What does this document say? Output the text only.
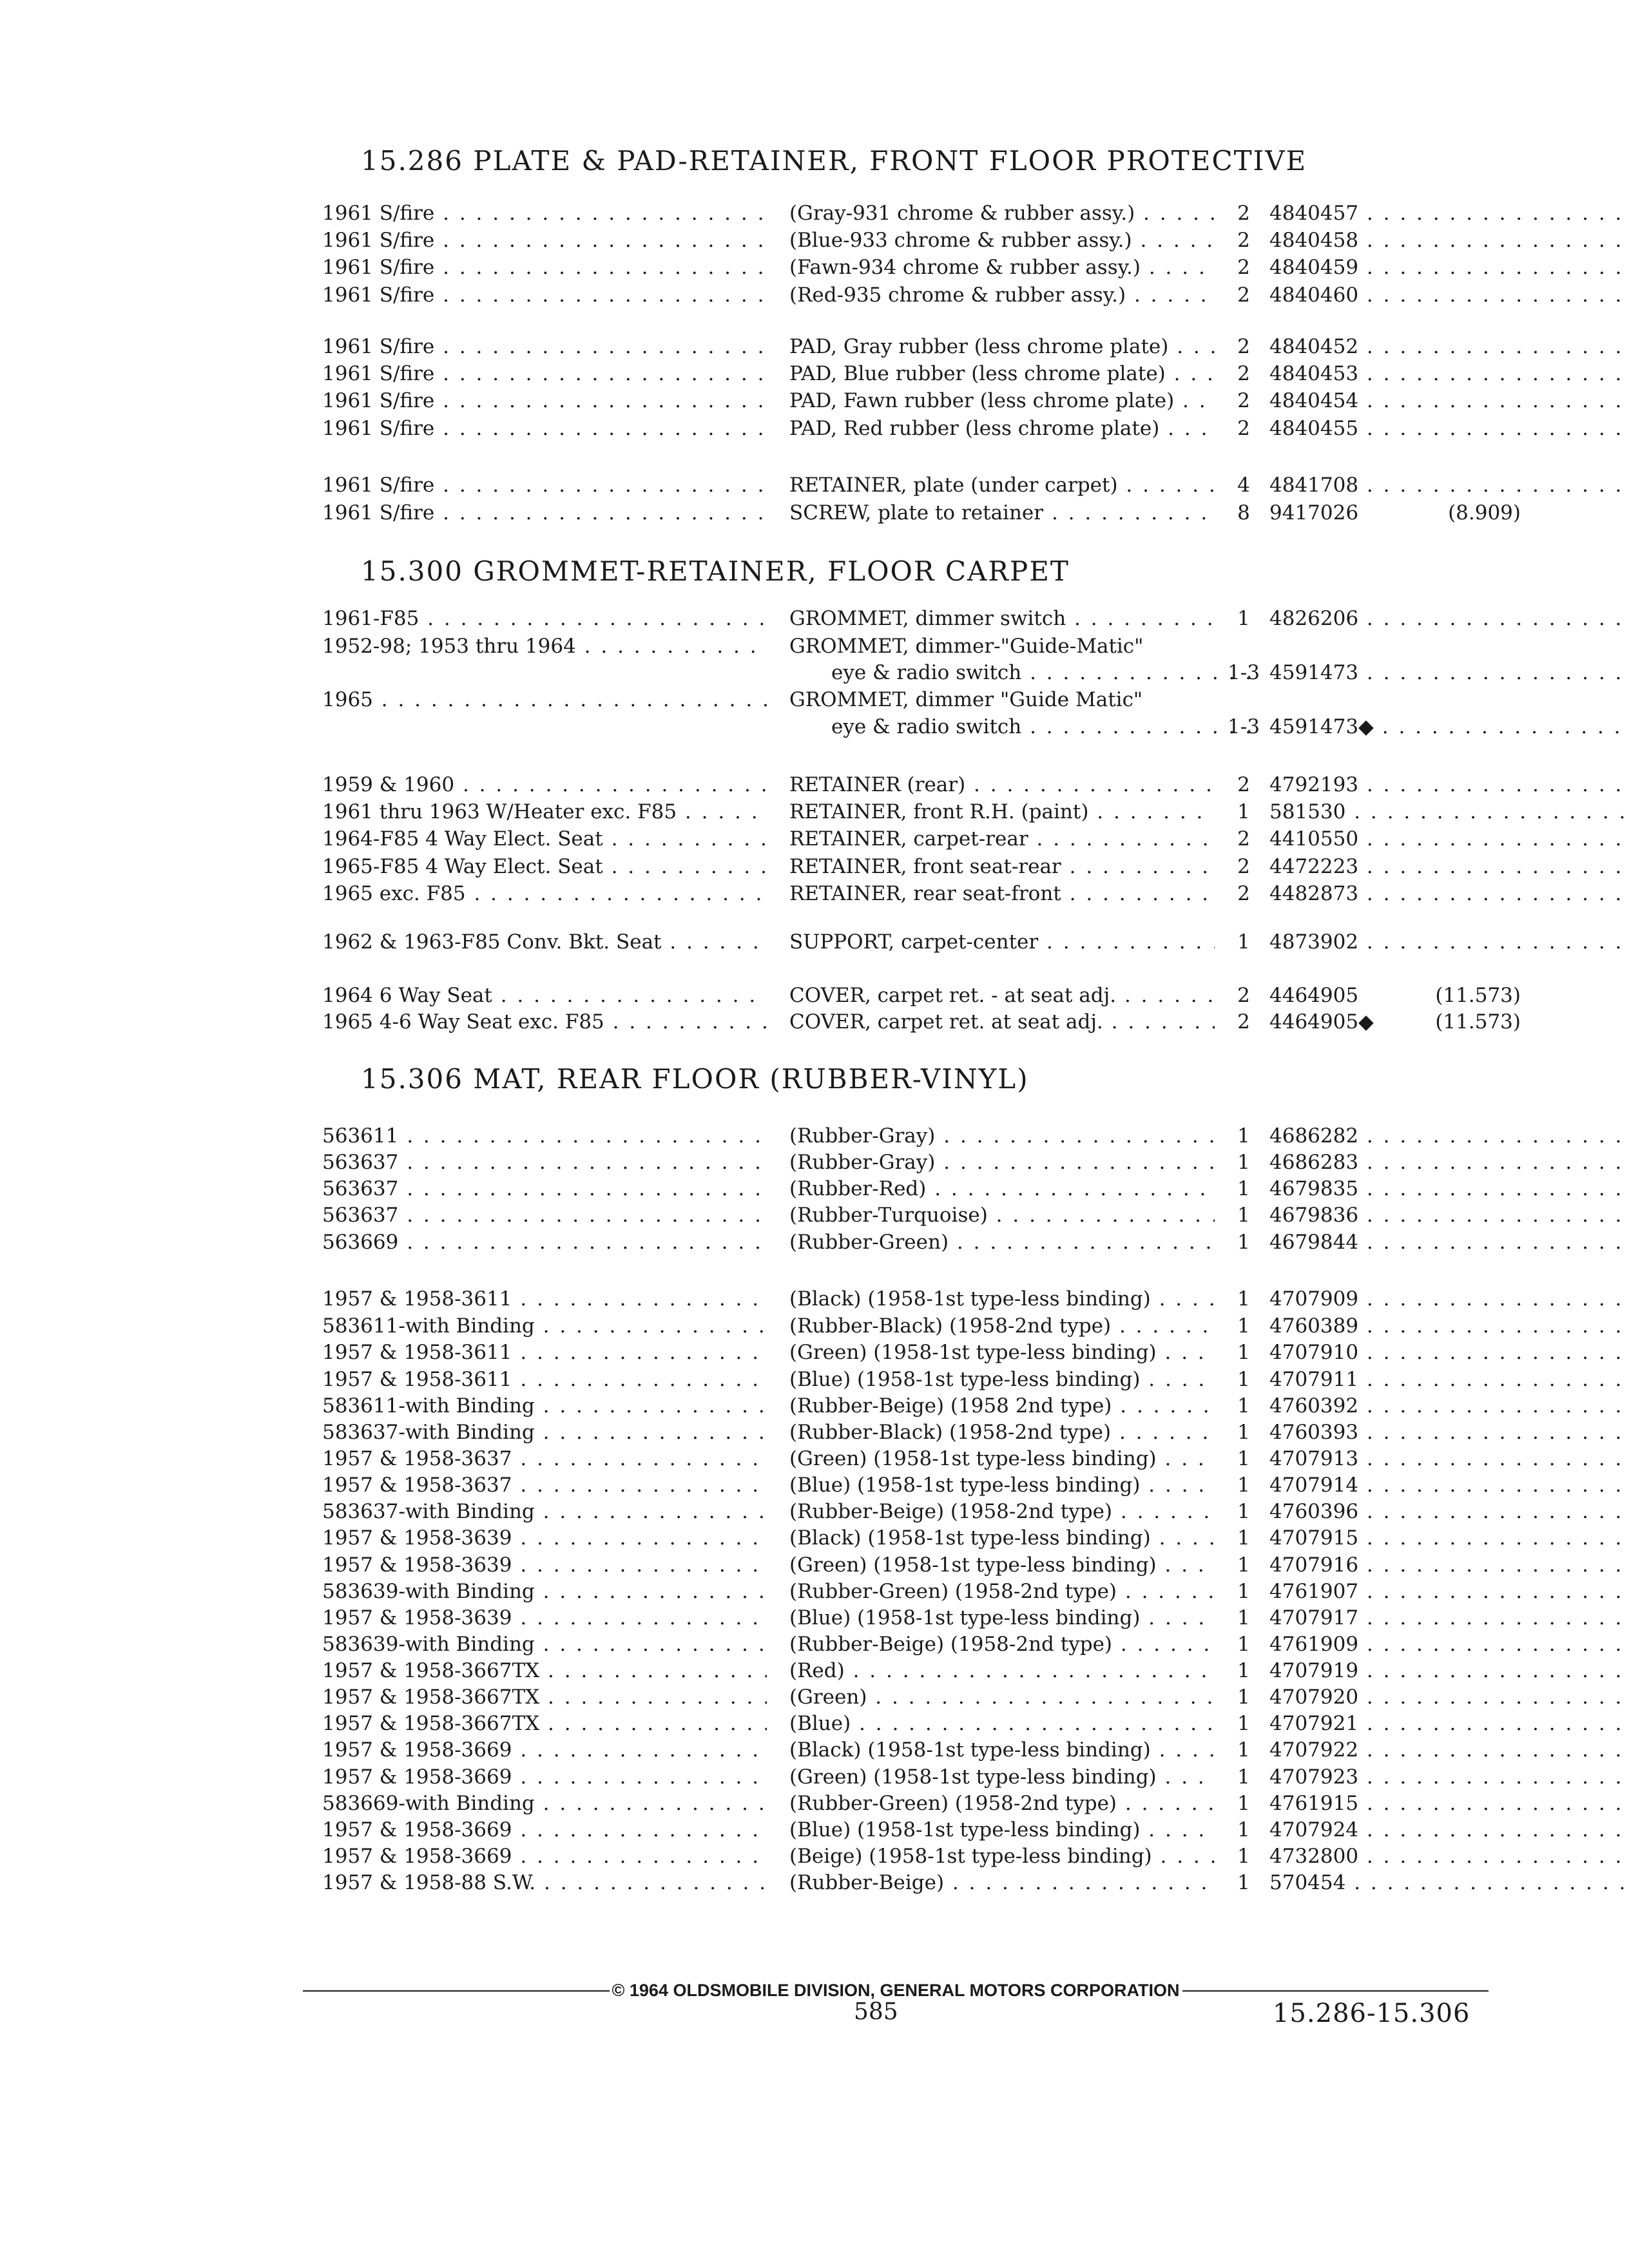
15.286 PLATE & PAD-RETAINER, FRONT FLOOR PROTECTIVE
1961 S/fire . . .	(Gray-931 chrome & rubber assy.) . . .	2 4840457 . . .
1961 S/fire . . .	(Blue-933 chrome & rubber assy.) . . .	2 4840458 . . .
1961 S/fire . . .	(Fawn-934 chrome & rubber assy.) . . .	2 4840459 . . .
1961 S/fire . . .	(Red-935 chrome & rubber assy.) . . .	2 4840460 . . .
1961 S/fire . . .	PAD, Gray rubber (less chrome plate) . . .	2 4840452 . . .
1961 S/fire . . .	PAD, Blue rubber (less chrome plate) . . .	2 4840453 . . .
1961 S/fire . . .	PAD, Fawn rubber (less chrome plate) . . .	2 4840454 . . .
1961 S/fire . . .	PAD, Red rubber (less chrome plate) . . .	2 4840455 . . .
1961 S/fire . . .	RETAINER, plate (under carpet) . . .	4 4841708 . . .
1961 S/fire . . .	SCREW, plate to retainer . . .	8 9417026	(8.909)
15.300 GROMMET-RETAINER, FLOOR CARPET
1961-F85 . . .	GROMMET, dimmer switch . . .	1 4826206 . . .
1952-98; 1953 thru 1964 . . .	GROMMET, dimmer-"Guide-Matic"
eye & radio switch . . .	1-3 4591473 . . .
1965 . . .	GROMMET, dimmer "Guide Matic"
eye & radio switch . . .	1-3 4591473◆ . . .
1959 & 1960 . . .	RETAINER (rear) . . .	2 4792193 . . .
1961 thru 1963 W/Heater exc. F85 . . .	RETAINER, front R.H. (paint) . . .	1 581530 . . .
1964-F85 4 Way Elect. Seat . . .	RETAINER, carpet-rear . . .	2 4410550 . . .
1965-F85 4 Way Elect. Seat . . .	RETAINER, front seat-rear . . .	2 4472223 . . .
1965 exc. F85 . . .	RETAINER, rear seat-front . . .	2 4482873 . . .
1962 & 1963-F85 Conv. Bkt. Seat . . .	SUPPORT, carpet-center . . .	1 4873902 . . .
1964 6 Way Seat . . .	COVER, carpet ret. - at seat adj. . . .	2 4464905	(11.573)
1965 4-6 Way Seat exc. F85 . . .	COVER, carpet ret. at seat adj. . . .	2 4464905◆	(11.573)
15.306 MAT, REAR FLOOR (RUBBER-VINYL)
563611 . . .	(Rubber-Gray) . . .	1 4686282 . . .
563637 . . .	(Rubber-Gray) . . .	1 4686283 . . .
563637 . . .	(Rubber-Red) . . .	1 4679835 . . .
563637 . . .	(Rubber-Turquoise) . . .	1 4679836 . . .
563669 . . .	(Rubber-Green) . . .	1 4679844 . . .
1957 & 1958-3611 . . .	(Black) (1958-1st type-less binding) . . .	1 4707909 . . .
583611-with Binding . . .	(Rubber-Black) (1958-2nd type) . . .	1 4760389 . . .
1957 & 1958-3611 . . .	(Green) (1958-1st type-less binding) . . .	1 4707910 . . .
1957 & 1958-3611 . . .	(Blue) (1958-1st type-less binding) . . .	1 4707911 . . .
583611-with Binding . . .	(Rubber-Beige) (1958 2nd type) . . .	1 4760392 . . .
583637-with Binding . . .	(Rubber-Black) (1958-2nd type) . . .	1 4760393 . . .
1957 & 1958-3637 . . .	(Green) (1958-1st type-less binding) . . .	1 4707913 . . .
1957 & 1958-3637 . . .	(Blue) (1958-1st type-less binding) . . .	1 4707914 . . .
583637-with Binding . . .	(Rubber-Beige) (1958-2nd type) . . .	1 4760396 . . .
1957 & 1958-3639 . . .	(Black) (1958-1st type-less binding) . . .	1 4707915 . . .
1957 & 1958-3639 . . .	(Green) (1958-1st type-less binding) . . .	1 4707916 . . .
583639-with Binding . . .	(Rubber-Green) (1958-2nd type) . . .	1 4761907 . . .
1957 & 1958-3639 . . .	(Blue) (1958-1st type-less binding) . . .	1 4707917 . . .
583639-with Binding . . .	(Rubber-Beige) (1958-2nd type) . . .	1 4761909 . . .
1957 & 1958-3667TX . . .	(Red) . . .	1 4707919 . . .
1957 & 1958-3667TX . . .	(Green) . . .	1 4707920 . . .
1957 & 1958-3667TX . . .	(Blue) . . .	1 4707921 . . .
1957 & 1958-3669 . . .	(Black) (1958-1st type-less binding) . . .	1 4707922 . . .
1957 & 1958-3669 . . .	(Green) (1958-1st type-less binding) . . .	1 4707923 . . .
583669-with Binding . . .	(Rubber-Green) (1958-2nd type) . . .	1 4761915 . . .
1957 & 1958-3669 . . .	(Blue) (1958-1st type-less binding) . . .	1 4707924 . . .
1957 & 1958-3669 . . .	(Beige) (1958-1st type-less binding) . . .	1 4732800 . . .
1957 & 1958-88 S.W. . . .	(Rubber-Beige) . . .	1 570454 . . .
© 1964 OLDSMOBILE DIVISION, GENERAL MOTORS CORPORATION
585	15.286-15.306
